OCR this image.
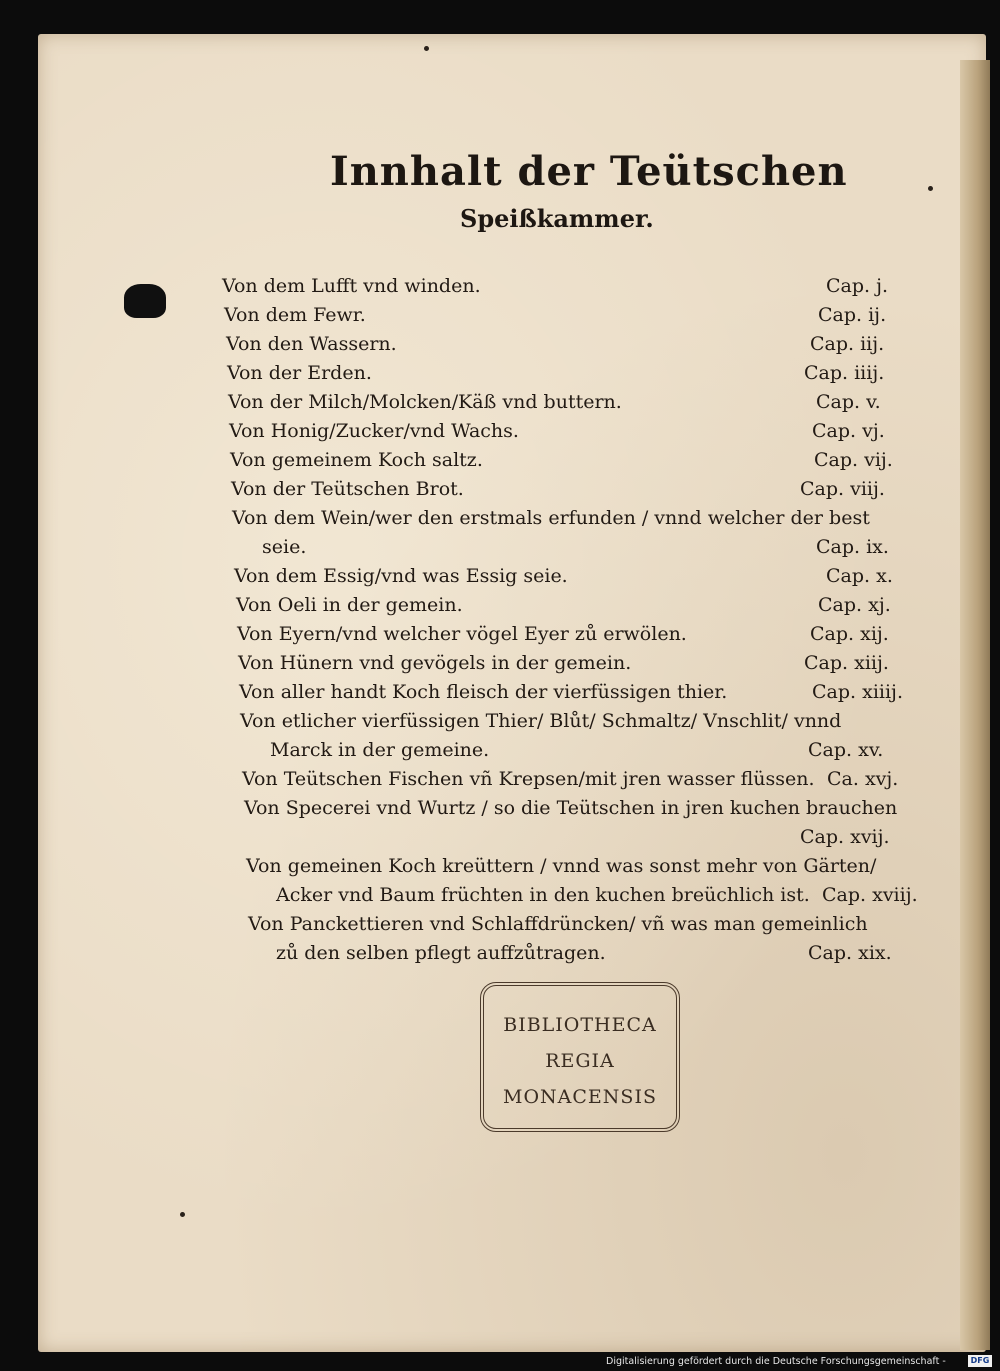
Innhalt der Teütschen
Speißkammer.
Von dem Lufft vnd winden.	Cap. j.
Von dem Fewr.	Cap. ij.
Von den Wassern.	Cap. iij.
Von der Erden.	Cap. iiij.
Von der Milch/Molcken/Käß vnd buttern.	Cap. v.
Von Honig/Zucker/vnd Wachs.	Cap. vj.
Von gemeinem Koch saltz.	Cap. vij.
Von der Teütschen Brot.	Cap. viij.
Von dem Wein/wer den erstmals erfunden / vnnd welcher der best
seie.	Cap. ix.
Von dem Essig/vnd was Essig seie.	Cap. x.
Von Oeli in der gemein.	Cap. xj.
Von Eyern/vnd welcher vögel Eyer zů erwölen.	Cap. xij.
Von Hünern vnd gevögels in der gemein.	Cap. xiij.
Von aller handt Koch fleisch der vierfüssigen thier.	Cap. xiiij.
Von etlicher vierfüssigen Thier/ Blůt/ Schmaltz/ Vnschlit/ vnnd
Marck in der gemeine.	Cap. xv.
Von Teütschen Fischen vñ Krepsen/mit jren wasser flüssen. Ca. xvj.
Von Specerei vnd Wurtz / so die Teütschen in jren kuchen brauchen
Cap. xvij.
Von gemeinen Koch kreüttern / vnnd was sonst mehr von Gärten/
Acker vnd Baum früchten in den kuchen breüchlich ist. Cap. xviij.
Von Panckettieren vnd Schlaffdrüncken/ vñ was man gemeinlich
zů den selben pflegt auffzůtragen.	Cap. xix.
BIBLIOTHECA
REGIA
MONACENSIS
Digitalisierung gefördert durch die Deutsche Forschungsgemeinschaft -	DFG
